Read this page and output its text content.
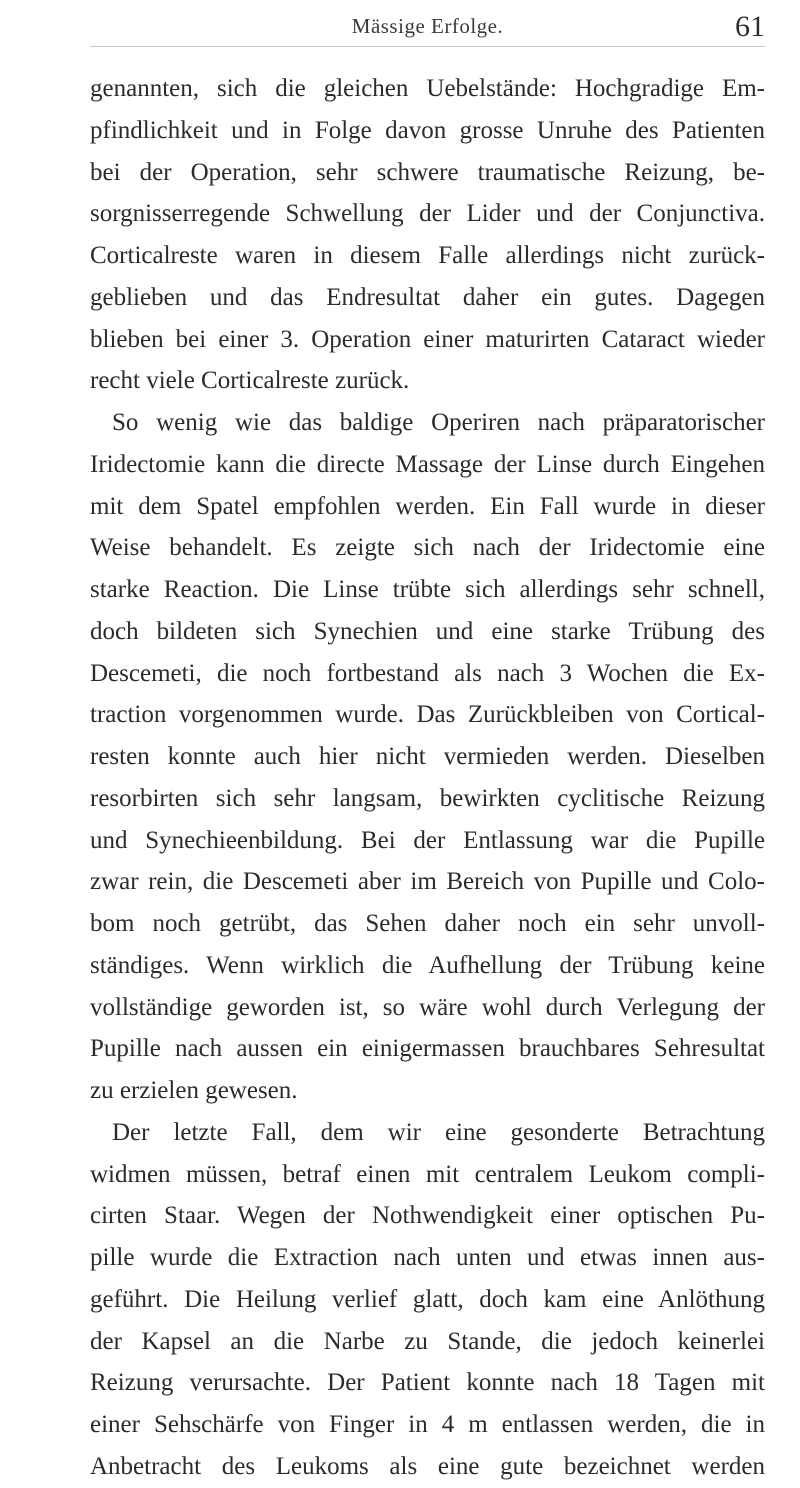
Mässige Erfolge.	61
genannten, sich die gleichen Uebelstände: Hochgradige Em-
pfindlichkeit und in Folge davon grosse Unruhe des Patienten
bei der Operation, sehr schwere traumatische Reizung, be-
sorgnisserregende Schwellung der Lider und der Conjunctiva.
Corticalreste waren in diesem Falle allerdings nicht zurück-
geblieben und das Endresultat daher ein gutes. Dagegen
blieben bei einer 3. Operation einer maturirten Cataract wieder
recht viele Corticalreste zurück.
So wenig wie das baldige Operiren nach präparatorischer
Iridectomie kann die directe Massage der Linse durch Eingehen
mit dem Spatel empfohlen werden. Ein Fall wurde in dieser
Weise behandelt. Es zeigte sich nach der Iridectomie eine
starke Reaction. Die Linse trübte sich allerdings sehr schnell,
doch bildeten sich Synechien und eine starke Trübung des
Descemeti, die noch fortbestand als nach 3 Wochen die Ex-
traction vorgenommen wurde. Das Zurückbleiben von Cortical-
resten konnte auch hier nicht vermieden werden. Dieselben
resorbirten sich sehr langsam, bewirkten cyclitische Reizung
und Synechieenbildung. Bei der Entlassung war die Pupille
zwar rein, die Descemeti aber im Bereich von Pupille und Colo-
bom noch getrübt, das Sehen daher noch ein sehr unvoll-
ständiges. Wenn wirklich die Aufhellung der Trübung keine
vollständige geworden ist, so wäre wohl durch Verlegung der
Pupille nach aussen ein einigermassen brauchbares Sehresultat
zu erzielen gewesen.
Der letzte Fall, dem wir eine gesonderte Betrachtung
widmen müssen, betraf einen mit centralem Leukom compli-
cirten Staar. Wegen der Nothwendigkeit einer optischen Pu-
pille wurde die Extraction nach unten und etwas innen aus-
geführt. Die Heilung verlief glatt, doch kam eine Anlöthung
der Kapsel an die Narbe zu Stande, die jedoch keinerlei
Reizung verursachte. Der Patient konnte nach 18 Tagen mit
einer Sehschärfe von Finger in 4 m entlassen werden, die in
Anbetracht des Leukoms als eine gute bezeichnet werden
